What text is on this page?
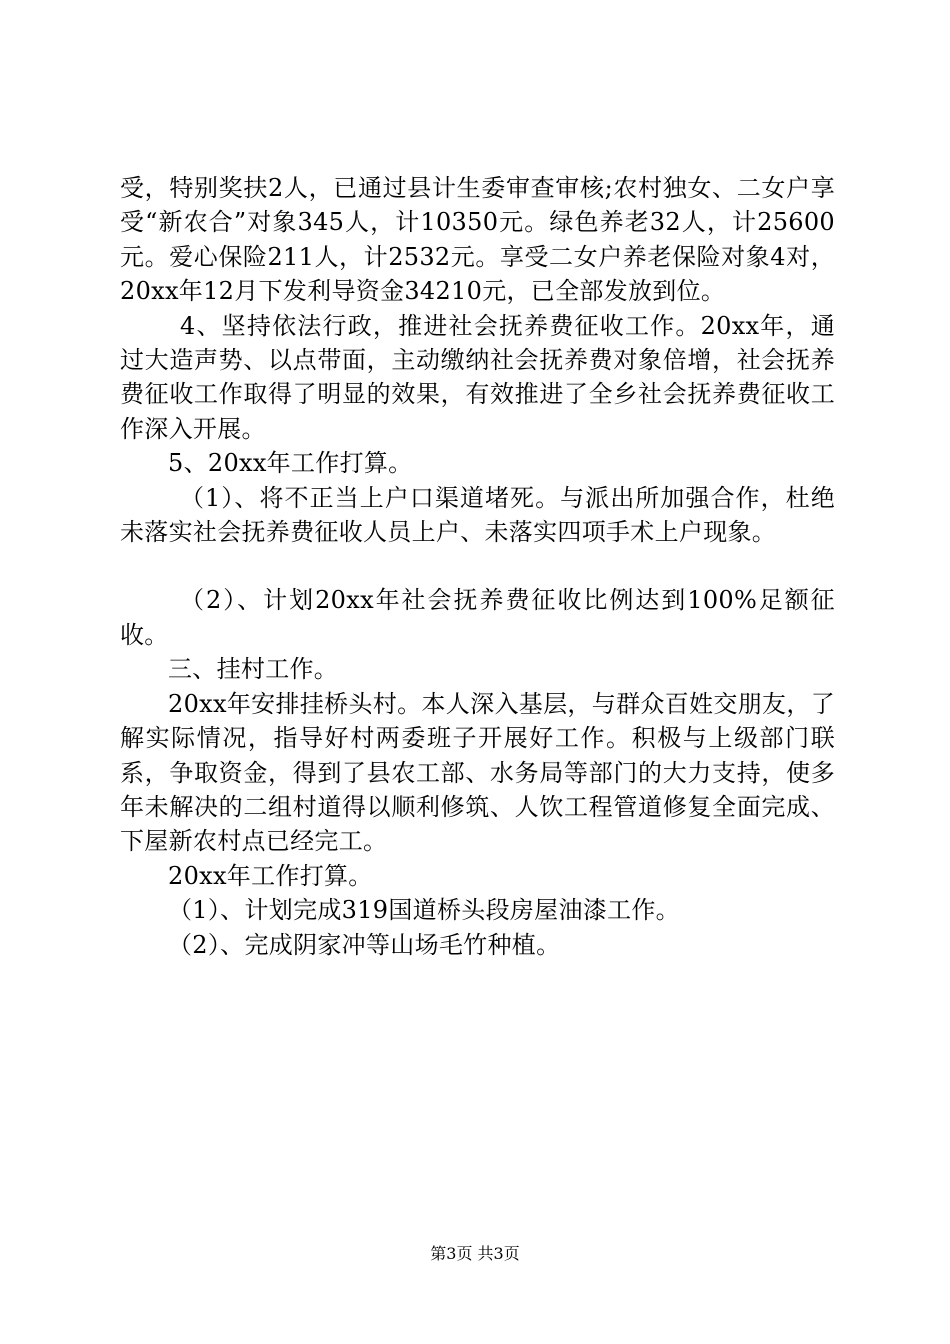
受，特别奖扶2人，已通过县计生委审查审核;农村独女、二女户享受“新农合”对象345人，计10350元。绿色养老32人，计25600元。爱心保险211人，计2532元。享受二女户养老保险对象4对，20xx年12月下发利导资金34210元，已全部发放到位。

4、坚持依法行政，推进社会抚养费征收工作。20xx年，通过大造声势、以点带面，主动缴纳社会抚养费对象倍增，社会抚养费征收工作取得了明显的效果，有效推进了全乡社会抚养费征收工作深入开展。

5、20xx年工作打算。

（1）、将不正当上户口渠道堵死。与派出所加强合作，杜绝未落实社会抚养费征收人员上户、未落实四项手术上户现象。

（2）、计划20xx年社会抚养费征收比例达到100%足额征收。

三、挂村工作。

20xx年安排挂桥头村。本人深入基层，与群众百姓交朋友，了解实际情况，指导好村两委班子开展好工作。积极与上级部门联系，争取资金，得到了县农工部、水务局等部门的大力支持，使多年未解决的二组村道得以顺利修筑、人饮工程管道修复全面完成、下屋新农村点已经完工。

20xx年工作打算。

（1）、计划完成319国道桥头段房屋油漆工作。

（2）、完成阴家冲等山场毛竹种植。

第3页 共3页
